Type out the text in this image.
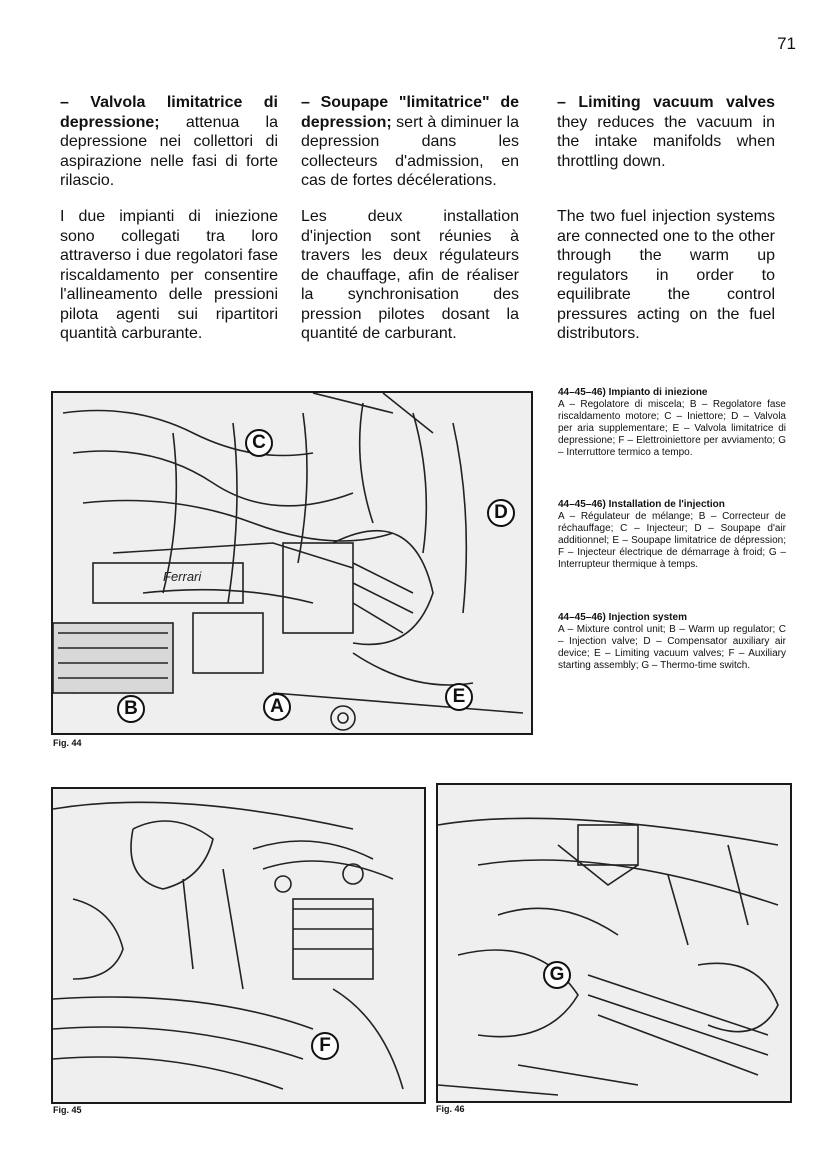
71

– Valvola limitatrice di depressione; attenua la depressione nei collettori di aspirazione nelle fasi di forte rilascio.

I due impianti di iniezione sono collegati tra loro attraverso i due regolatori fase riscaldamento per consentire l'allineamento delle pressioni pilota agenti sui ripartitori quantità carburante.

– Soupape "limitatrice" de depression; sert à diminuer la depression dans les collecteurs d'admission, en cas de fortes décélerations.

Les deux installation d'injection sont réunies à travers les deux régulateurs de chauffage, afin de réaliser la synchronisation des pression pilotes dosant la quantité de carburant.

– Limiting vacuum valves they reduces the vacuum in the intake manifolds when throttling down.

The two fuel injection systems are connected one to the other through the warm up regulators in order to equilibrate the control pressures acting on the fuel distributors.

Ferrari
C
D
B	A	E
Fig. 44
44–45–46) Impianto di iniezione
A – Regolatore di miscela; B – Regolatore fase riscaldamento motore; C – Iniettore; D – Valvola per aria supplementare; E – Valvola limitatrice di depressione; F – Elettroiniettore per avviamento; G – Interruttore termico a tempo.
44–45–46) Installation de l'injection
A – Régulateur de mélange; B – Correcteur de réchauffage; C – Injecteur; D – Soupape d'air additionnel; E – Soupape limitatrice de dépression; F – Injecteur électrique de démarrage à froid; G – Interrupteur thermique à temps.
44–45–46) Injection system
A – Mixture control unit; B – Warm up regulator; C – Injection valve; D – Compensator auxiliary air device; E – Limiting vacuum valves; F – Auxiliary starting assembly; G – Thermo-time switch.
F
Fig. 45
G
Fig. 46
